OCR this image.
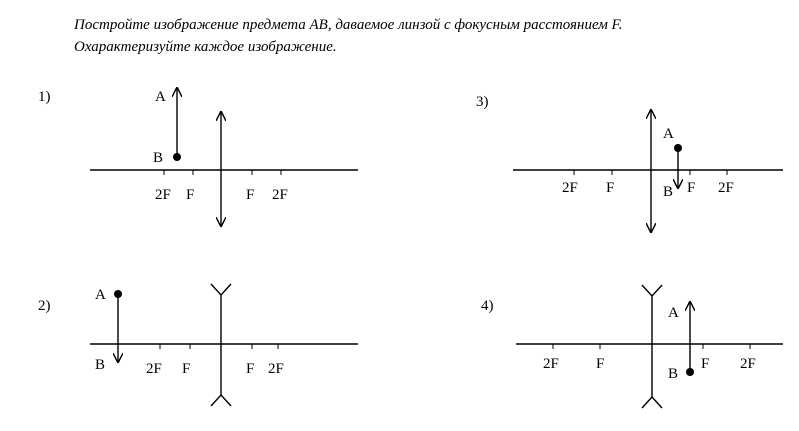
Постройте изображение предмета AB, даваемое линзой с фокусным расстоянием F.
Охарактеризуйте каждое изображение.
1)	A
B
2F F	F 2F
2)
A
B	2F F	F 2F
3)
A
B
2F F	F 2F
4)	A
B
2F F	F 2F
